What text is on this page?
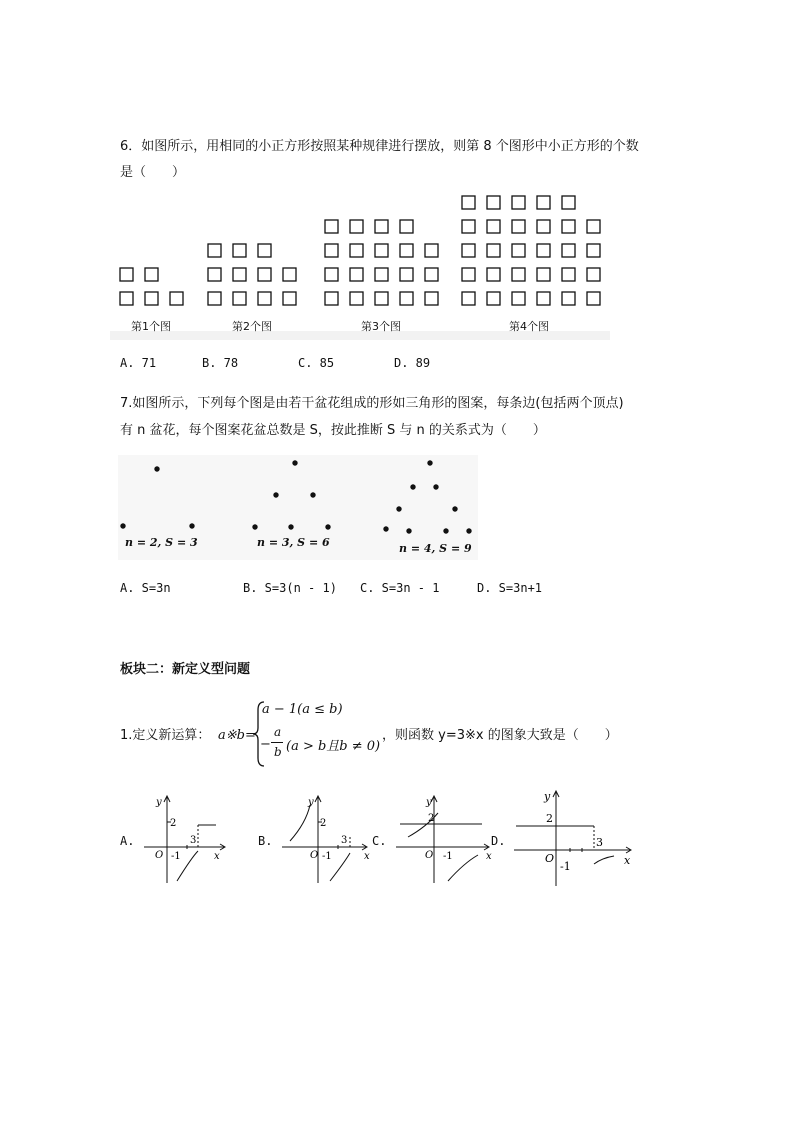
6．如图所示，用相同的小正方形按照某种规律进行摆放，则第 8 个图形中小正方形的个数
是（　　）
第1个图	第2个图	第3个图	第4个图
A. 71	B. 78	C. 85	D. 89
7.如图所示，下列每个图是由若干盆花组成的形如三角形的图案，每条边(包括两个顶点)
有 n 盆花，每个图案花盆总数是 S，按此推断 S 与 n 的关系式为（　　）
n = 2, S = 3	n = 3, S = 6	n = 4, S = 9
A. S=3n	B. S=3(n - 1) C. S=3n - 1	D. S=3n+1
板块二：新定义型问题
1.定义新运算： a※b=
a − 1(a ≤ b)
−
a
b (a > b且b ≠ 0)
，则函数 y=3※x 的图象大致是（　　）
A.	B.	C.	D.
y
x
O
2
3
-1
y
x
O
2
3
-1
y
x
O
2
-1
y
x
O
2
3
-1
